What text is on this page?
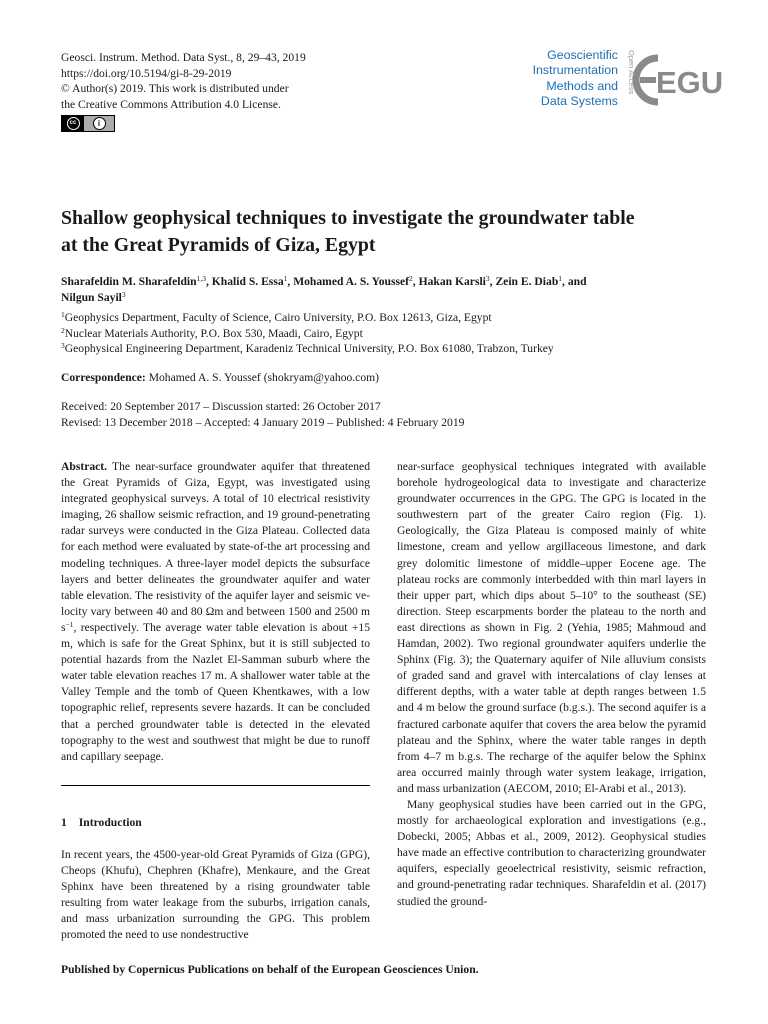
Geosci. Instrum. Method. Data Syst., 8, 29–43, 2019
https://doi.org/10.5194/gi-8-29-2019
© Author(s) 2019. This work is distributed under
the Creative Commons Attribution 4.0 License.
cc	i
Geoscientific
Instrumentation
Methods and
Data Systems
Open Access EGU
Shallow geophysical techniques to investigate the groundwater table
at the Great Pyramids of Giza, Egypt
Sharafeldin M. Sharafeldin$^{1,3}$, Khalid S. Essa$^1$, Mohamed A. S. Youssef$^2$, Hakan Karsli$^3$, Zein E. Diab$^1$, and
Nilgun Sayil$^3$
$^1$Geophysics Department, Faculty of Science, Cairo University, P.O. Box 12613, Giza, Egypt
$^2$Nuclear Materials Authority, P.O. Box 530, Maadi, Cairo, Egypt
$^3$Geophysical Engineering Department, Karadeniz Technical University, P.O. Box 61080, Trabzon, Turkey
Correspondence: Mohamed A. S. Youssef (shokryam@yahoo.com)
Received: 20 September 2017 – Discussion started: 26 October 2017
Revised: 13 December 2018 – Accepted: 4 January 2019 – Published: 4 February 2019
Abstract. The near-surface groundwater aquifer that threatened the Great Pyramids of Giza, Egypt, was investigated using integrated geophysical surveys. A total of 10 electrical resistivity imaging, 26 shallow seismic refraction, and 19 ground-penetrating radar surveys were conducted in the Giza Plateau. Collected data for each method were evaluated by state-of-the art processing and modeling techniques. A three-layer model depicts the subsurface layers and better delineates the groundwater aquifer and water table elevation. The resistivity of the aquifer layer and seismic velocity vary between 40 and 80 Ωm and between 1500 and 2500 m $s^{-1}$, respectively. The average water table elevation is about +15 m, which is safe for the Great Sphinx, but it is still subjected to potential hazards from the Nazlet El-Samman suburb where the water table elevation reaches 17 m. A shallower water table at the Valley Temple and the tomb of Queen Khentkawes, with a low topographic relief, represents severe hazards. It can be concluded that a perched groundwater table is detected in the elevated topography to the west and southwest that might be due to runoff and capillary seepage.
1 Introduction
In recent years, the 4500-year-old Great Pyramids of Giza (GPG), Cheops (Khufu), Chephren (Khafre), Menkaure, and the Great Sphinx have been threatened by a rising groundwater table resulting from water leakage from the suburbs, irrigation canals, and mass urbanization surrounding the GPG. This problem promoted the need to use nondestructive
near-surface geophysical techniques integrated with available borehole hydrogeological data to investigate and characterize groundwater occurrences in the GPG. The GPG is located in the southwestern part of the greater Cairo region (Fig. 1). Geologically, the Giza Plateau is composed mainly of white limestone, cream and yellow argillaceous limestone, and dark grey dolomitic limestone of middle–upper Eocene age. The plateau rocks are commonly interbedded with thin marl layers in their upper part, which dips about 5–10° to the southeast (SE) direction. Steep escarpments border the plateau to the north and east directions as shown in Fig. 2 (Yehia, 1985; Mahmoud and Hamdan, 2002). Two regional groundwater aquifers underlie the Sphinx (Fig. 3); the Quaternary aquifer of Nile alluvium consists of graded sand and gravel with intercalations of clay lenses at different depths, with a water table at depth ranges between 1.5 and 4 m below the ground surface (b.g.s.). The second aquifer is a fractured carbonate aquifer that covers the area below the pyramid plateau and the Sphinx, where the water table ranges in depth from 4–7 m b.g.s. The recharge of the aquifer below the Sphinx area occurred mainly through water system leakage, irrigation, and mass urbanization (AECOM, 2010; El-Arabi et al., 2013).
Many geophysical studies have been carried out in the GPG, mostly for archaeological exploration and investigations (e.g., Dobecki, 2005; Abbas et al., 2009, 2012). Geophysical studies have made an effective contribution to characterizing groundwater aquifers, especially geoelectrical resistivity, seismic refraction, and ground-penetrating radar techniques. Sharafeldin et al. (2017) studied the ground-
Published by Copernicus Publications on behalf of the European Geosciences Union.
